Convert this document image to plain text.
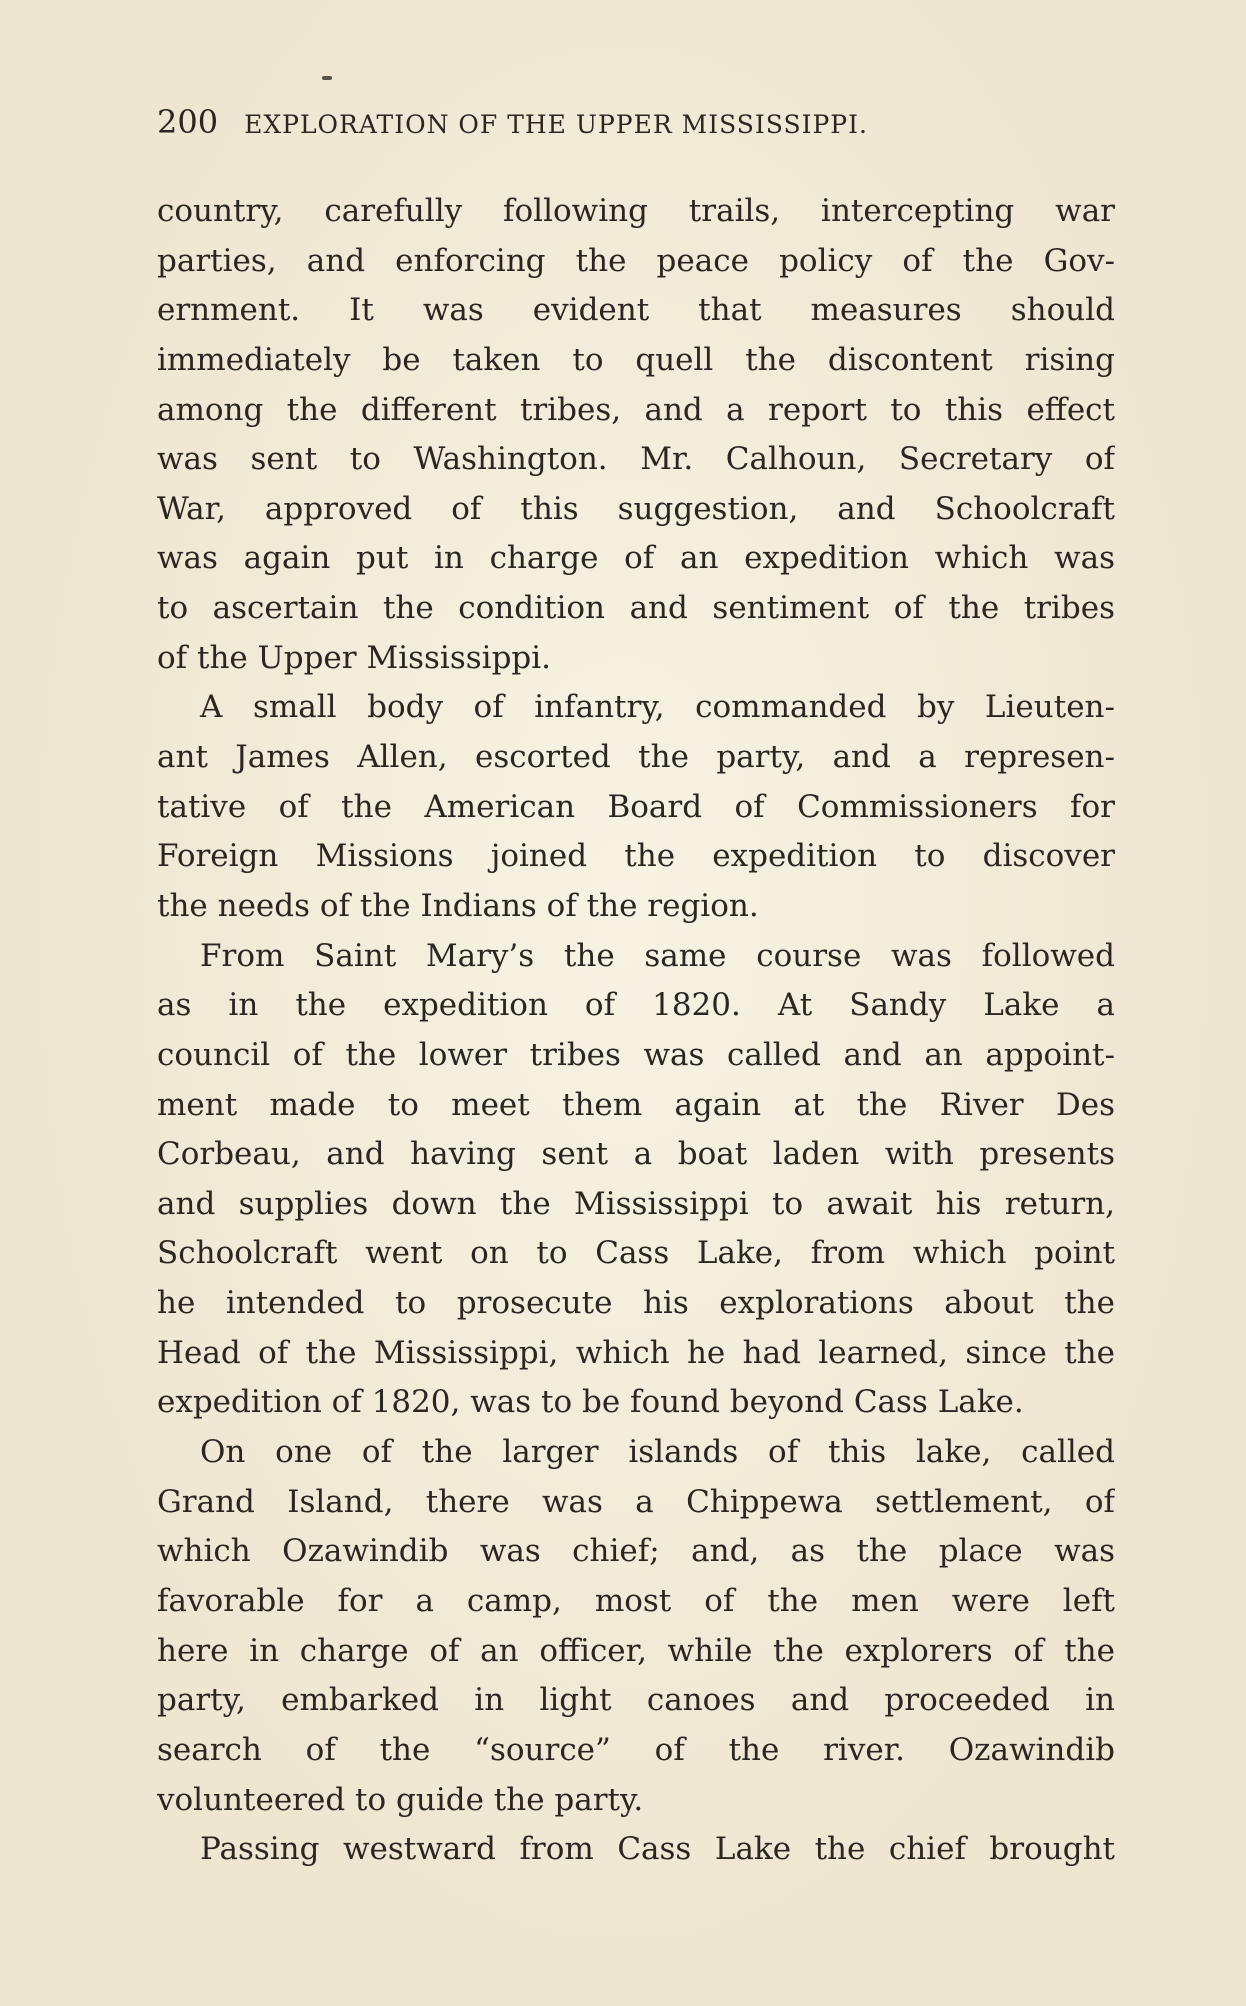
200 EXPLORATION OF THE UPPER MISSISSIPPI.
country, carefully following trails, intercepting war
parties, and enforcing the peace policy of the Gov-
ernment. It was evident that measures should
immediately be taken to quell the discontent rising
among the different tribes, and a report to this effect
was sent to Washington. Mr. Calhoun, Secretary of
War, approved of this suggestion, and Schoolcraft
was again put in charge of an expedition which was
to ascertain the condition and sentiment of the tribes
of the Upper Mississippi.
A small body of infantry, commanded by Lieuten-
ant James Allen, escorted the party, and a represen-
tative of the American Board of Commissioners for
Foreign Missions joined the expedition to discover
the needs of the Indians of the region.
From Saint Mary’s the same course was followed
as in the expedition of 1820. At Sandy Lake a
council of the lower tribes was called and an appoint-
ment made to meet them again at the River Des
Corbeau, and having sent a boat laden with presents
and supplies down the Mississippi to await his return,
Schoolcraft went on to Cass Lake, from which point
he intended to prosecute his explorations about the
Head of the Mississippi, which he had learned, since the
expedition of 1820, was to be found beyond Cass Lake.
On one of the larger islands of this lake, called
Grand Island, there was a Chippewa settlement, of
which Ozawindib was chief; and, as the place was
favorable for a camp, most of the men were left
here in charge of an officer, while the explorers of the
party, embarked in light canoes and proceeded in
search of the “source” of the river. Ozawindib
volunteered to guide the party.
Passing westward from Cass Lake the chief brought
